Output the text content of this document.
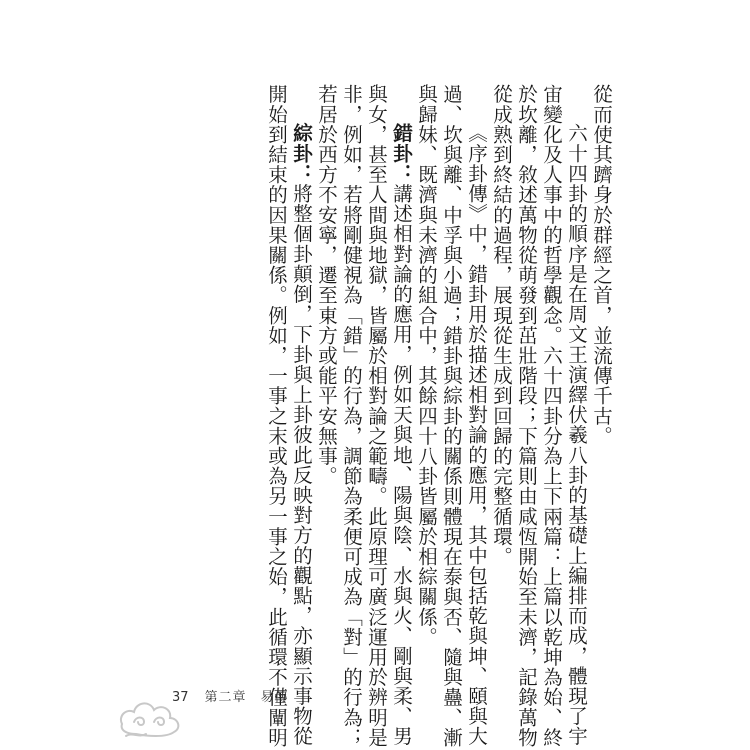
從而使其躋身於群經之首，並流傳千古。
六十四卦的順序是在周文王演繹伏羲八卦的基礎上編排而成，體現了宇
宙變化及人事中的哲學觀念。六十四卦分為上下兩篇：上篇以乾坤為始、終
於坎離，敘述萬物從萌發到茁壯階段；下篇則由咸恆開始至未濟，記錄萬物
從成熟到終結的過程，展現從生成到回歸的完整循環。
《序卦傳》中，錯卦用於描述相對論的應用，其中包括乾與坤、頤與大
過、坎與離、中孚與小過；錯卦與綜卦的關係則體現在泰與否、隨與蠱、漸
與歸妹、既濟與未濟的組合中，其餘四十八卦皆屬於相綜關係。
錯卦：講述相對論的應用，例如天與地、陽與陰、水與火、剛與柔、男
與女，甚至人間與地獄，皆屬於相對論之範疇。此原理可廣泛運用於辨明是
非，例如，若將剛健視為「錯」的行為，調節為柔便可成為「對」的行為；
若居於西方不安寧，遷至東方或能平安無事。
綜卦：將整個卦顛倒，下卦與上卦彼此反映對方的觀點，亦顯示事物從
開始到結束的因果關係。例如，一事之末或為另一事之始，此循環不僅闡明
37 第二章　易傳
